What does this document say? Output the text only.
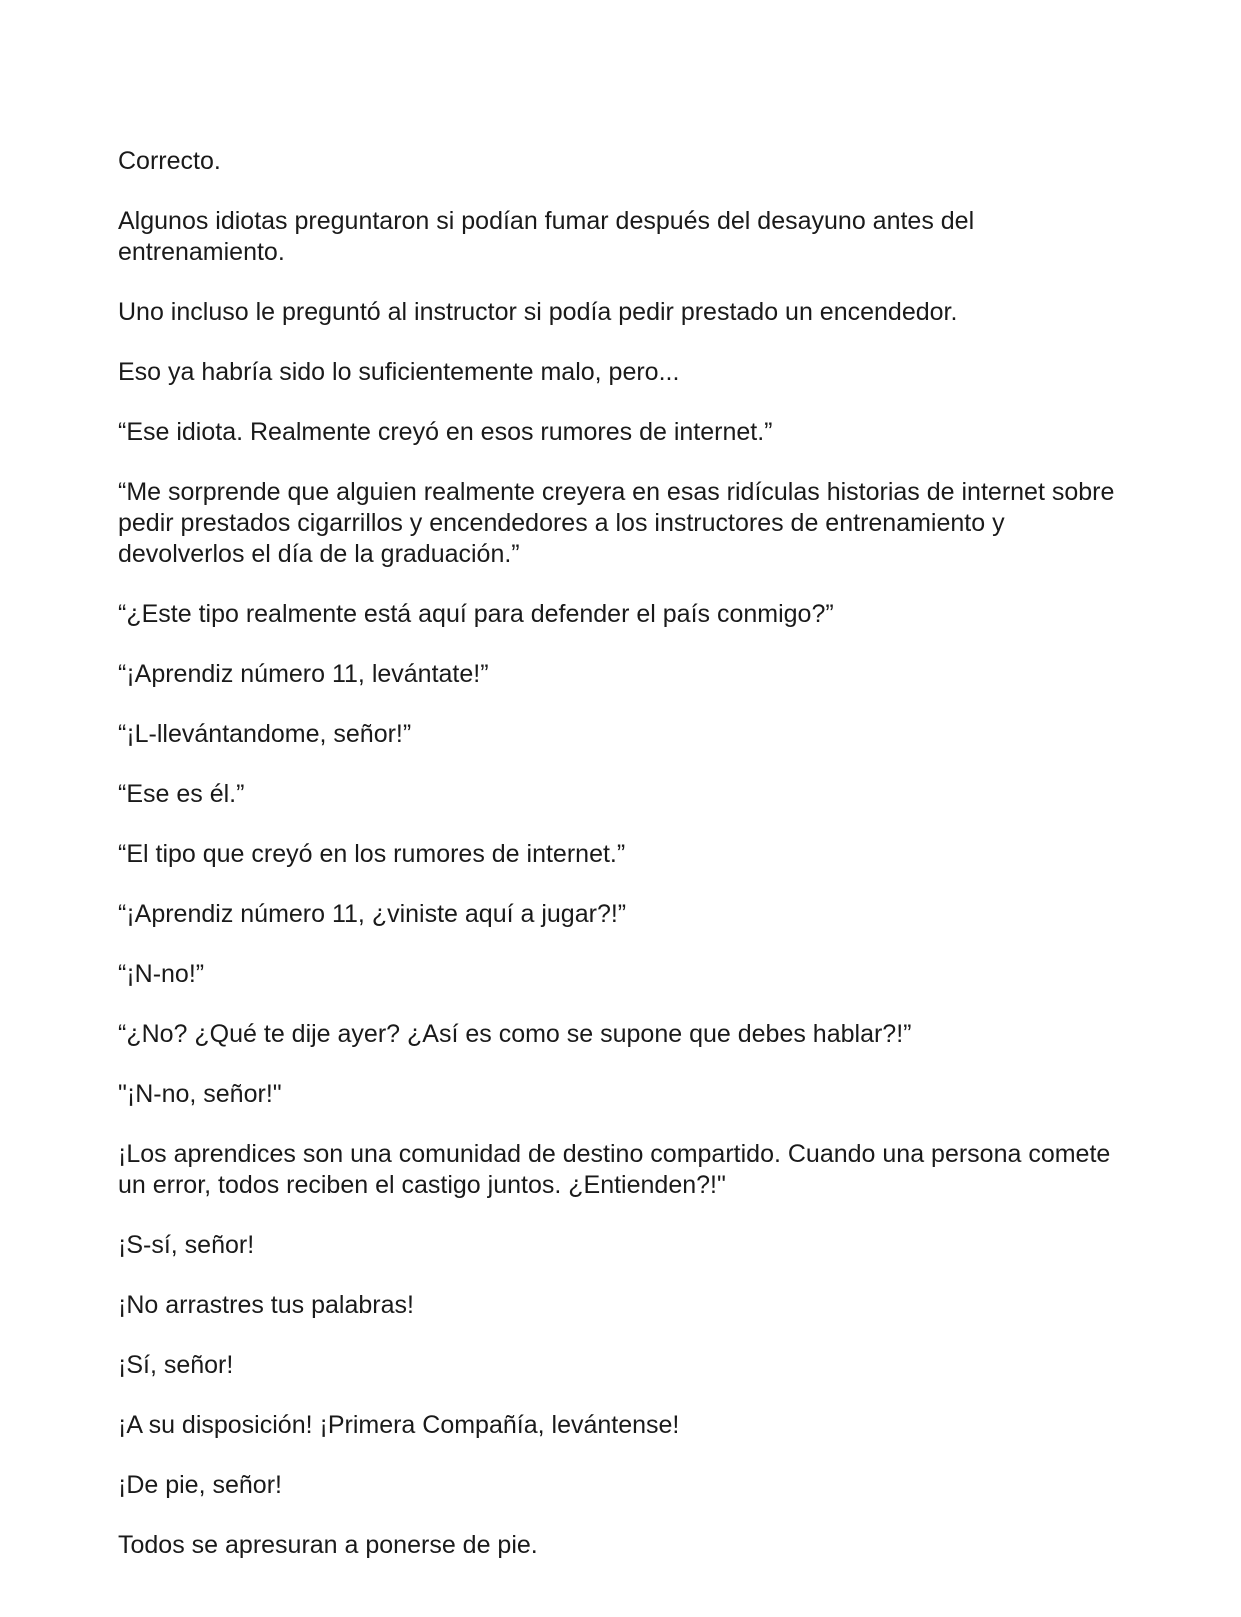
Correcto.

Algunos idiotas preguntaron si podían fumar después del desayuno antes del entrenamiento.

Uno incluso le preguntó al instructor si podía pedir prestado un encendedor.

Eso ya habría sido lo suficientemente malo, pero...

“Ese idiota. Realmente creyó en esos rumores de internet.”

“Me sorprende que alguien realmente creyera en esas ridículas historias de internet sobre pedir prestados cigarrillos y encendedores a los instructores de entrenamiento y devolverlos el día de la graduación.”

“¿Este tipo realmente está aquí para defender el país conmigo?”

“¡Aprendiz número 11, levántate!”

“¡L-llevántandome, señor!”

“Ese es él.”

“El tipo que creyó en los rumores de internet.”

“¡Aprendiz número 11, ¿viniste aquí a jugar?!”

“¡N-no!”

“¿No? ¿Qué te dije ayer? ¿Así es como se supone que debes hablar?!”

"¡N-no, señor!"

¡Los aprendices son una comunidad de destino compartido. Cuando una persona comete un error, todos reciben el castigo juntos. ¿Entienden?!"

¡S-sí, señor!

¡No arrastres tus palabras!

¡Sí, señor!

¡A su disposición! ¡Primera Compañía, levántense!

¡De pie, señor!

Todos se apresuran a ponerse de pie.
